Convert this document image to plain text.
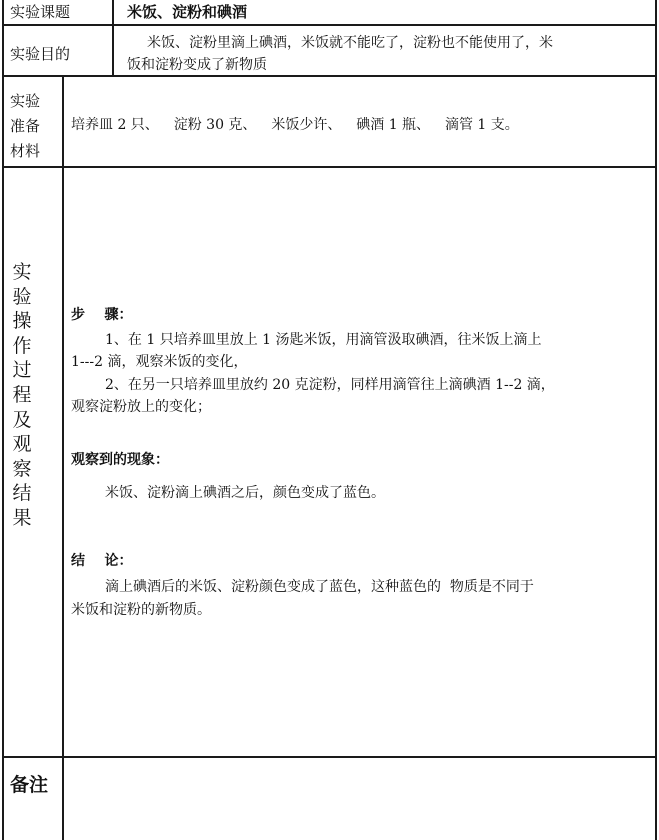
实验课题	米饭、淀粉和碘酒
实验目的
米饭、淀粉里滴上碘酒，米饭就不能吃了，淀粉也不能使用了，米
饭和淀粉变成了新物质
实验
准备
材料
培养皿 2 只、 淀粉 30 克、 米饭少许、 碘酒 1 瓶、 滴管 1 支。
实
验
操
作
过
程
及
观
察
结
果
步    骤：
1、在 1 只培养皿里放上 1 汤匙米饭，用滴管汲取碘酒，往米饭上滴上
1---2 滴，观察米饭的变化，
2、在另一只培养皿里放约 20 克淀粉，同样用滴管往上滴碘酒 1--2 滴，
观察淀粉放上的变化；
观察到的现象：
米饭、淀粉滴上碘酒之后，颜色变成了蓝色。
结    论：
滴上碘酒后的米饭、淀粉颜色变成了蓝色，这种蓝色的  物质是不同于
米饭和淀粉的新物质。
备注
